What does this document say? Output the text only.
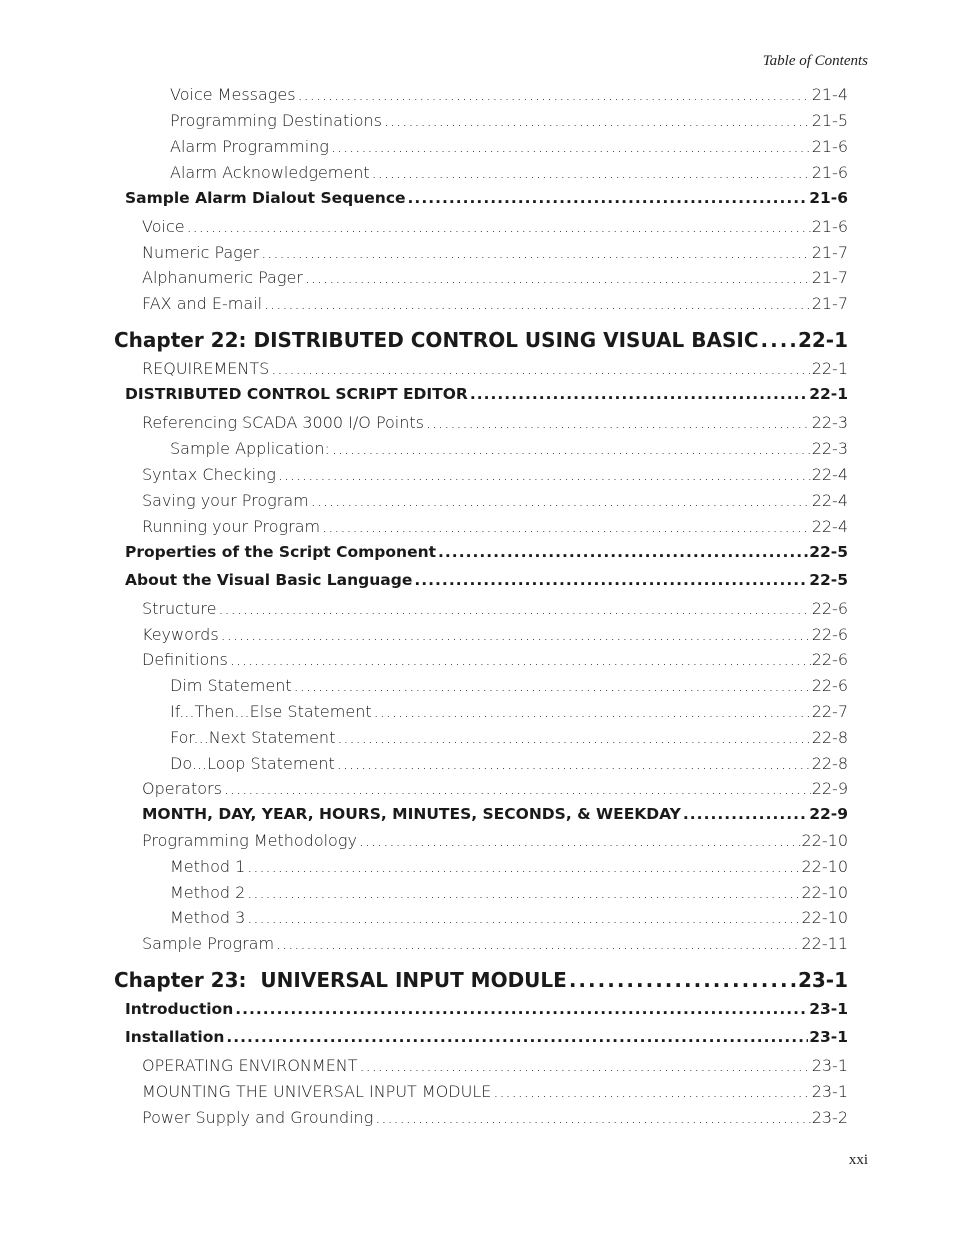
Table of Contents
Voice Messages .....	21-4
Programming Destinations .....	21-5
Alarm Programming .....	21-6
Alarm Acknowledgement .....	21-6
Sample Alarm Dialout Sequence .....	21-6
Voice .....	21-6
Numeric Pager .....	21-7
Alphanumeric Pager .....	21-7
FAX and E-mail .....	21-7
Chapter 22: DISTRIBUTED CONTROL USING VISUAL BASIC ..... 22-1
REQUIREMENTS .....	22-1
DISTRIBUTED CONTROL SCRIPT EDITOR .....	22-1
Referencing SCADA 3000 I/O Points .....	22-3
Sample Application: .....	22-3
Syntax Checking .....	22-4
Saving your Program .....	22-4
Running your Program .....	22-4
Properties of the Script Component .....	22-5
About the Visual Basic Language .....	22-5
Structure .....	22-6
Keywords .....	22-6
Definitions .....	22-6
Dim Statement .....	22-6
If...Then...Else Statement .....	22-7
For...Next Statement .....	22-8
Do...Loop Statement .....	22-8
Operators .....	22-9
MONTH, DAY, YEAR, HOURS, MINUTES, SECONDS, & WEEKDAY .....	22-9
Programming Methodology .....	22-10
Method 1 .....	22-10
Method 2 .....	22-10
Method 3 .....	22-10
Sample Program .....	22-11
Chapter 23:  UNIVERSAL INPUT MODULE .....	23-1
Introduction .....	23-1
Installation .....	23-1
OPERATING ENVIRONMENT .....	23-1
MOUNTING THE UNIVERSAL INPUT MODULE .....	23-1
Power Supply and Grounding .....	23-2
xxi
